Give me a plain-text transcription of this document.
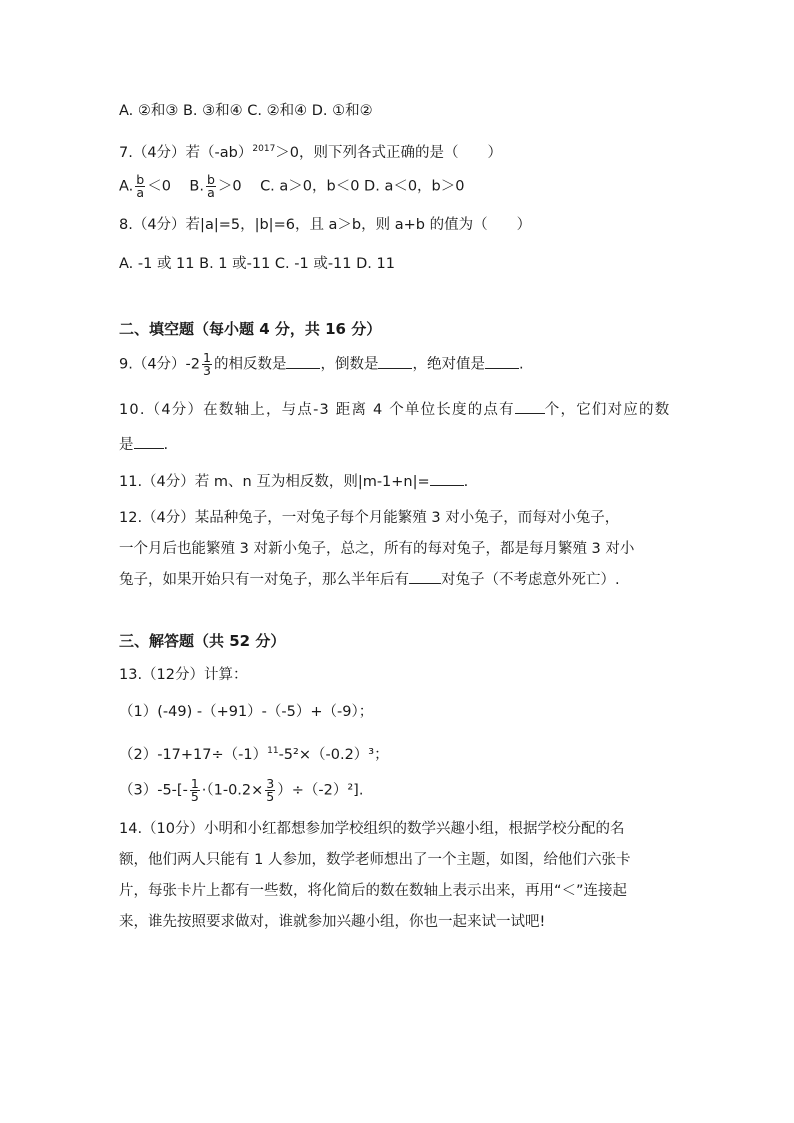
A. ②和③ B. ③和④ C. ②和④ D. ①和②
7.（4分）若$(-ab)^{2017}>0$，则下列各式正确的是（　　）
A. $\frac{b}{a} <0$ B. $\frac{b}{a} >0$ C. a＞0，b＜0 D. a＜0，b＞0
8.（4分）若|a|=5，|b|=6，且 a＞b，则 a+b 的值为（　　）
A. -1 或 11 B. 1 或-11 C. -1 或-11 D. 11
二、填空题（每小题 4 分，共 16 分）
9.（4分）$-2 \frac{1}{3}$ 的相反数是 ，倒数是 ，绝对值是 .
10.（4分）在数轴上，与点-3 距离 4 个单位长度的点有 个，它们对应的数
是 .
11.（4分）若 m、n 互为相反数，则|m-1+n|= .
12.（4分）某品种兔子，一对兔子每个月能繁殖 3 对小兔子，而每对小兔子，
一个月后也能繁殖 3 对新小兔子，总之，所有的每对兔子，都是每月繁殖 3 对小
兔子，如果开始只有一对兔子，那么半年后有 对兔子（不考虑意外死亡）.
三、解答题（共 52 分）
13.（12分）计算：
（1）(-49) -（+91）-（-5）+（-9）；
$(2)-17+17\div(-1)^{11}-5^2\times(-0.2)^3$；
$(3)-5-[- \frac{1}{5} \cdot(1-0.2\times \frac{3}{5} )\div(-2)^2]$.
14.（10分）小明和小红都想参加学校组织的数学兴趣小组，根据学校分配的名
额，他们两人只能有 1 人参加，数学老师想出了一个主题，如图，给他们六张卡
片，每张卡片上都有一些数，将化简后的数在数轴上表示出来，再用“＜”连接起
来，谁先按照要求做对，谁就参加兴趣小组，你也一起来试一试吧!
